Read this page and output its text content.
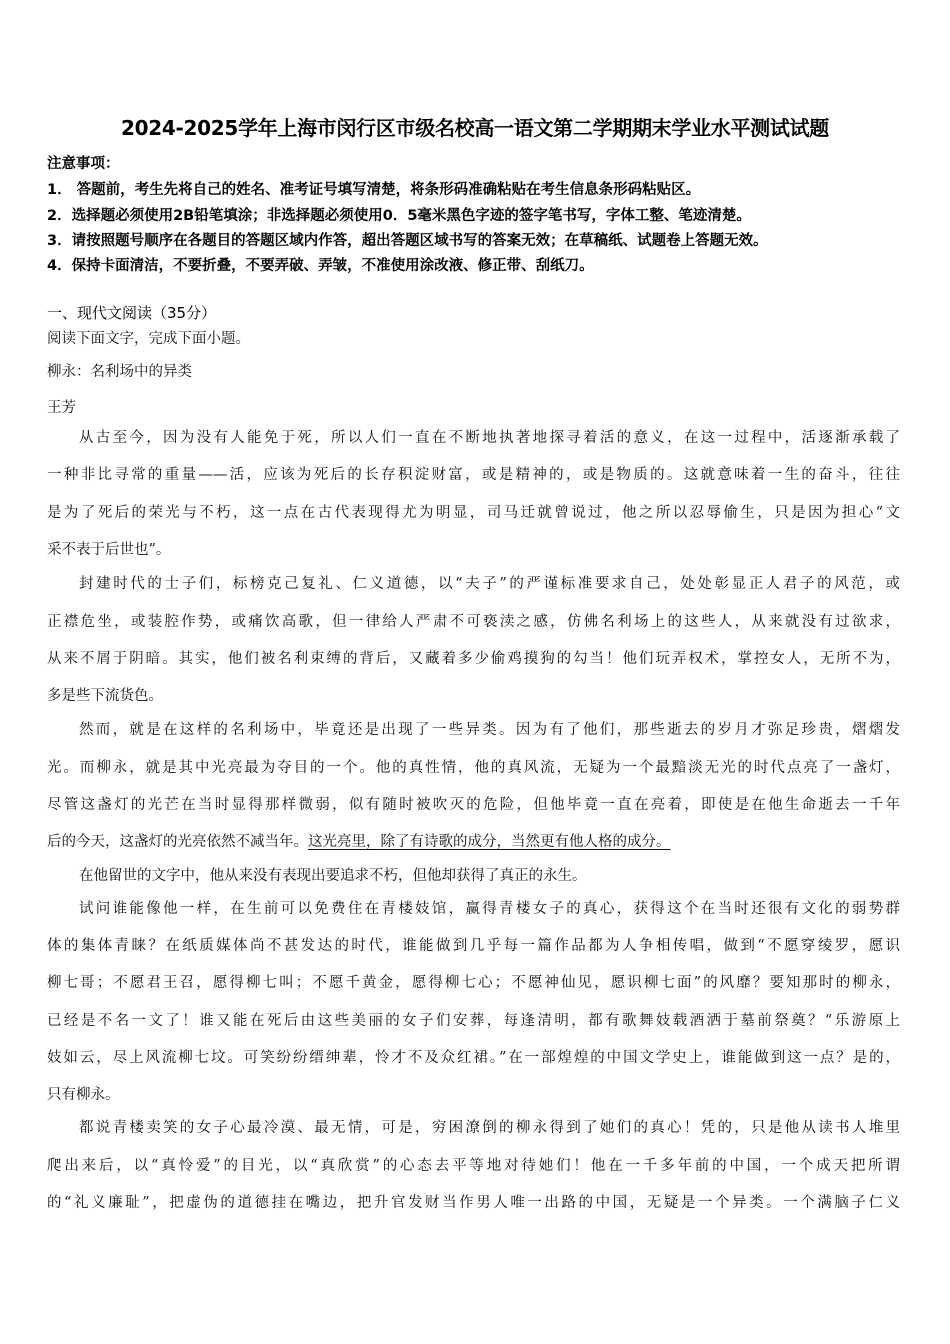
2024-2025学年上海市闵行区市级名校高一语文第二学期期末学业水平测试试题
注意事项：
1． 答题前，考生先将自己的姓名、准考证号填写清楚，将条形码准确粘贴在考生信息条形码粘贴区。
2．选择题必须使用2B铅笔填涂；非选择题必须使用0．5毫米黑色字迹的签字笔书写，字体工整、笔迹清楚。
3．请按照题号顺序在各题目的答题区域内作答，超出答题区域书写的答案无效；在草稿纸、试题卷上答题无效。
4．保持卡面清洁，不要折叠，不要弄破、弄皱，不准使用涂改液、修正带、刮纸刀。
一、现代文阅读（35分）
阅读下面文字，完成下面小题。
柳永：名利场中的异类
王芳
从古至今，因为没有人能免于死，所以人们一直在不断地执著地探寻着活的意义，在这一过程中，活逐渐承载了
一种非比寻常的重量——活，应该为死后的长存积淀财富，或是精神的，或是物质的。这就意味着一生的奋斗，往往
是为了死后的荣光与不朽，这一点在古代表现得尤为明显，司马迁就曾说过，他之所以忍辱偷生，只是因为担心“文
采不表于后世也”。
封建时代的士子们，标榜克己复礼、仁义道德，以“夫子”的严谨标准要求自己，处处彰显正人君子的风范，或
正襟危坐，或装腔作势，或痛饮高歌，但一律给人严肃不可亵渎之感，仿佛名利场上的这些人，从来就没有过欲求，
从来不屑于阴暗。其实，他们被名利束缚的背后，又藏着多少偷鸡摸狗的勾当！他们玩弄权术，掌控女人，无所不为，
多是些下流货色。
然而，就是在这样的名利场中，毕竟还是出现了一些异类。因为有了他们，那些逝去的岁月才弥足珍贵，熠熠发
光。而柳永，就是其中光亮最为夺目的一个。他的真性情，他的真风流，无疑为一个最黯淡无光的时代点亮了一盏灯，
尽管这盏灯的光芒在当时显得那样微弱，似有随时被吹灭的危险，但他毕竟一直在亮着，即使是在他生命逝去一千年
后的今天，这盏灯的光亮依然不减当年。这光亮里，除了有诗歌的成分，当然更有他人格的成分。
在他留世的文字中，他从来没有表现出要追求不朽，但他却获得了真正的永生。
试问谁能像他一样，在生前可以免费住在青楼妓馆，赢得青楼女子的真心，获得这个在当时还很有文化的弱势群
体的集体青睐？在纸质媒体尚不甚发达的时代，谁能做到几乎每一篇作品都为人争相传唱，做到“不愿穿绫罗，愿识
柳七哥；不愿君王召，愿得柳七叫；不愿千黄金，愿得柳七心；不愿神仙见，愿识柳七面”的风靡？要知那时的柳永，
已经是不名一文了！谁又能在死后由这些美丽的女子们安葬，每逢清明，都有歌舞妓载酒洒于墓前祭奠？“乐游原上
妓如云，尽上风流柳七坟。可笑纷纷缙绅辈，怜才不及众红裙。”在一部煌煌的中国文学史上，谁能做到这一点？是的，
只有柳永。
都说青楼卖笑的女子心最冷漠、最无情，可是，穷困潦倒的柳永得到了她们的真心！凭的，只是他从读书人堆里
爬出来后，以“真怜爱”的目光，以“真欣赏”的心态去平等地对待她们！他在一千多年前的中国，一个成天把所谓
的“礼义廉耻”，把虚伪的道德挂在嘴边，把升官发财当作男人唯一出路的中国，无疑是一个异类。一个满脑子仁义
